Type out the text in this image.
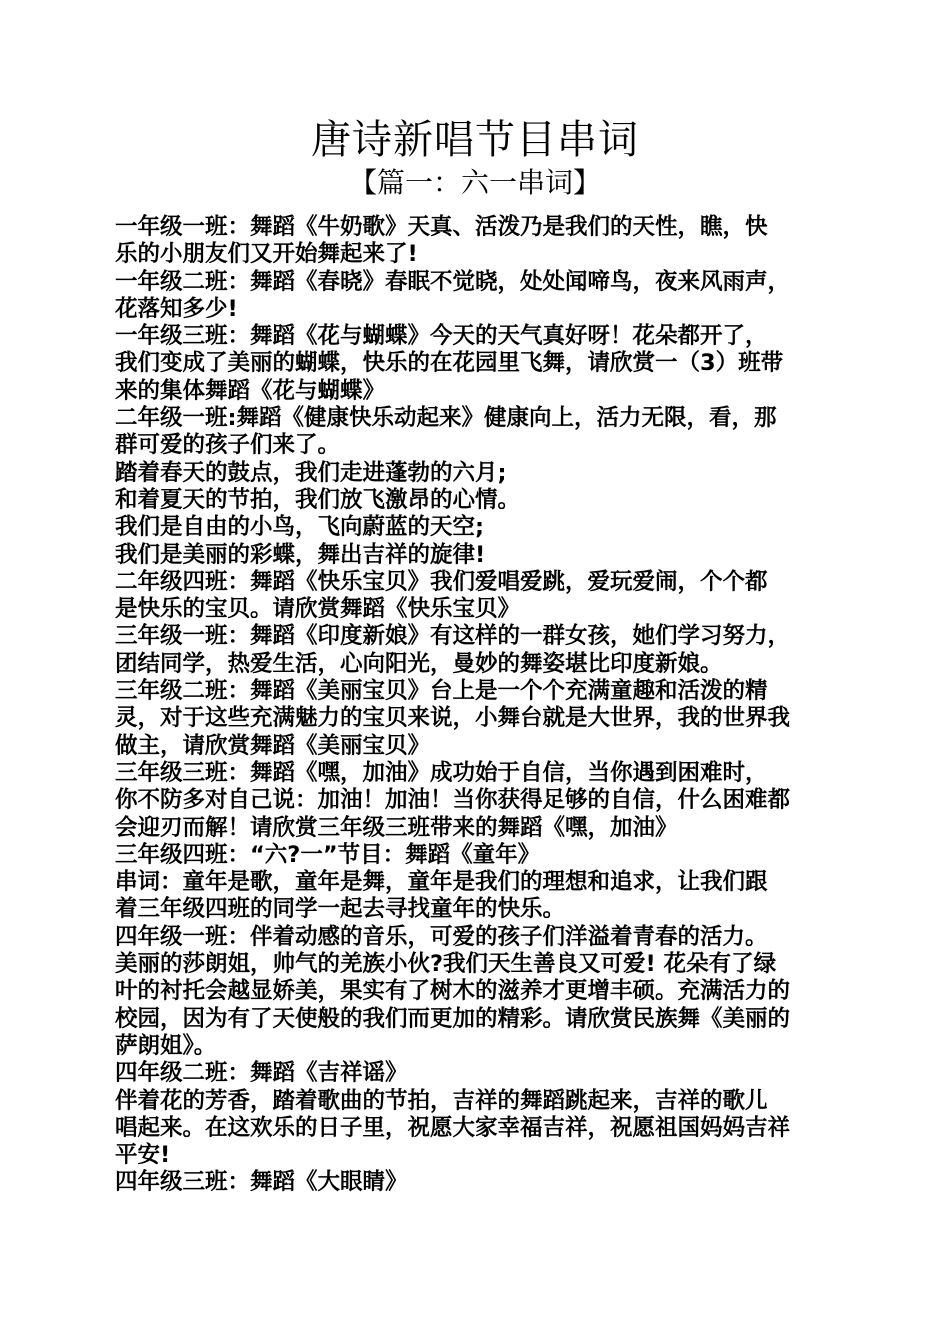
唐诗新唱节目串词
【篇一：六一串词】
一年级一班：舞蹈《牛奶歌》天真、活泼乃是我们的天性，瞧，快
乐的小朋友们又开始舞起来了!
一年级二班：舞蹈《春晓》春眠不觉晓，处处闻啼鸟，夜来风雨声，
花落知多少!
一年级三班：舞蹈《花与蝴蝶》今天的天气真好呀！花朵都开了，
我们变成了美丽的蝴蝶，快乐的在花园里飞舞，请欣赏一（3）班带
来的集体舞蹈《花与蝴蝶》
二年级一班:舞蹈《健康快乐动起来》健康向上，活力无限，看，那
群可爱的孩子们来了。
踏着春天的鼓点，我们走进蓬勃的六月;
和着夏天的节拍，我们放飞激昂的心情。
我们是自由的小鸟，飞向蔚蓝的天空;
我们是美丽的彩蝶，舞出吉祥的旋律!
二年级四班：舞蹈《快乐宝贝》我们爱唱爱跳，爱玩爱闹，个个都
是快乐的宝贝。请欣赏舞蹈《快乐宝贝》
三年级一班：舞蹈《印度新娘》有这样的一群女孩，她们学习努力，
团结同学，热爱生活，心向阳光，曼妙的舞姿堪比印度新娘。
三年级二班：舞蹈《美丽宝贝》台上是一个个充满童趣和活泼的精
灵，对于这些充满魅力的宝贝来说，小舞台就是大世界，我的世界我
做主，请欣赏舞蹈《美丽宝贝》
三年级三班：舞蹈《嘿，加油》成功始于自信，当你遇到困难时，
你不防多对自己说：加油！加油！当你获得足够的自信，什么困难都
会迎刃而解！请欣赏三年级三班带来的舞蹈《嘿，加油》
三年级四班：“六?一”节目：舞蹈《童年》
串词：童年是歌，童年是舞，童年是我们的理想和追求，让我们跟
着三年级四班的同学一起去寻找童年的快乐。
四年级一班：伴着动感的音乐，可爱的孩子们洋溢着青春的活力。
美丽的莎朗姐，帅气的羌族小伙?我们天生善良又可爱! 花朵有了绿
叶的衬托会越显娇美，果实有了树木的滋养才更增丰硕。充满活力的
校园，因为有了天使般的我们而更加的精彩。请欣赏民族舞《美丽的
萨朗姐》。
四年级二班：舞蹈《吉祥谣》
伴着花的芳香，踏着歌曲的节拍，吉祥的舞蹈跳起来，吉祥的歌儿
唱起来。在这欢乐的日子里，祝愿大家幸福吉祥，祝愿祖国妈妈吉祥
平安!
四年级三班：舞蹈《大眼睛》
